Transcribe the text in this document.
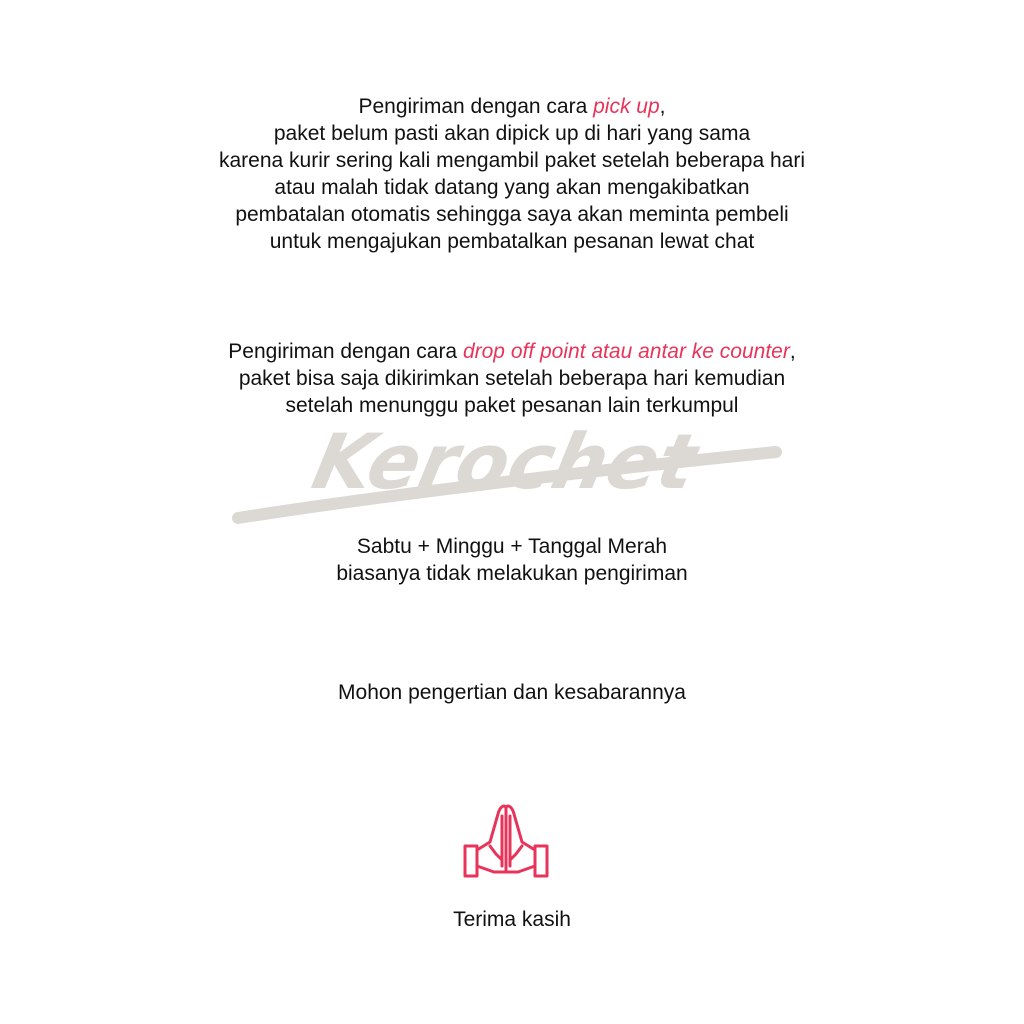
Kerochet
Pengiriman dengan cara pick up,
paket belum pasti akan dipick up di hari yang sama
karena kurir sering kali mengambil paket setelah beberapa hari
atau malah tidak datang yang akan mengakibatkan
pembatalan otomatis sehingga saya akan meminta pembeli
untuk mengajukan pembatalkan pesanan lewat chat
Pengiriman dengan cara drop off point atau antar ke counter,
paket bisa saja dikirimkan setelah beberapa hari kemudian
setelah menunggu paket pesanan lain terkumpul
Sabtu + Minggu + Tanggal Merah
biasanya tidak melakukan pengiriman
Mohon pengertian dan kesabarannya
Terima kasih
